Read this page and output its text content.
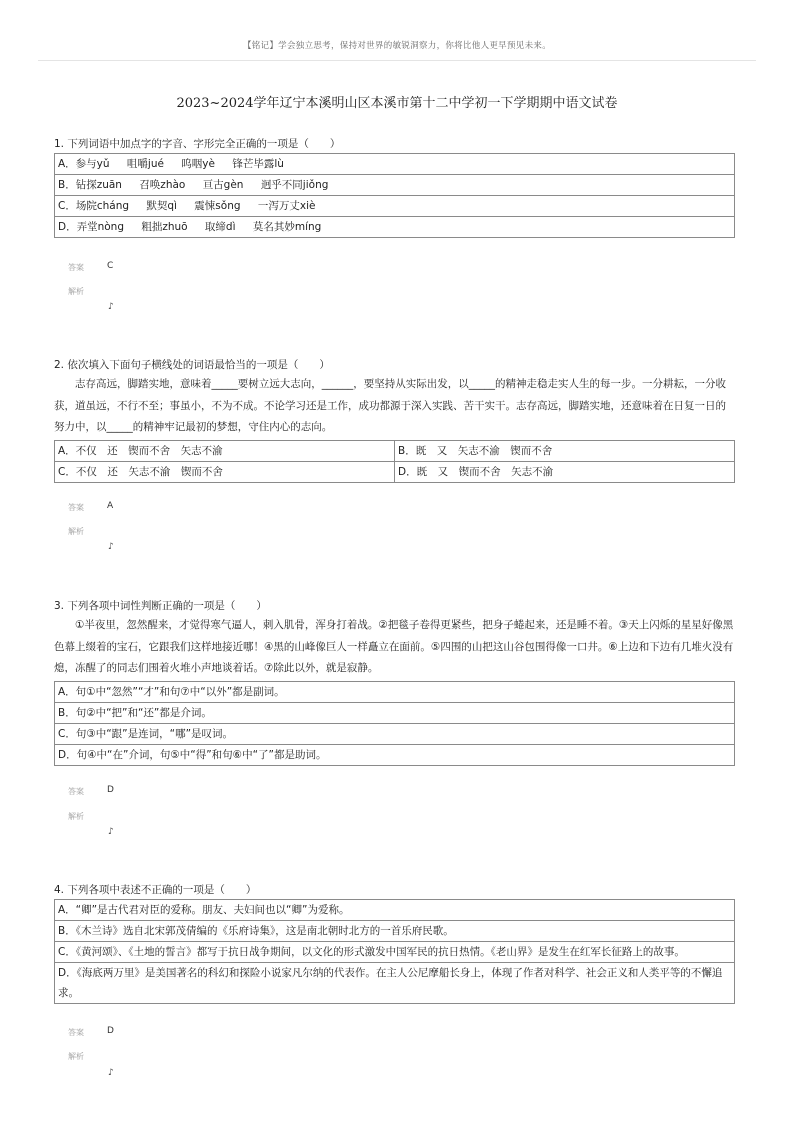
【铭记】学会独立思考，保持对世界的敏锐洞察力，你将比他人更早预见未来。
2023~2024学年辽宁本溪明山区本溪市第十二中学初一下学期期中语文试卷
1. 下列词语中加点字的字音、字形完全正确的一项是（　　）
A．参与yǔ 咀嚼jué 呜咽yè 锋芒毕露lù
B．钻探zuān 召唤zhào 亘古gèn 迥乎不同jiǒng
C．场院cháng 默契qì 震悚sǒng 一泻万丈xiè
D．弄堂nòng 粗拙zhuō 取缔dì 莫名其妙míng
答案	C
解析
♪
2. 依次填入下面句子横线处的词语最恰当的一项是（　　）

志存高远，脚踏实地，意味着_____要树立远大志向，______，要坚持从实际出发，以_____的精神走稳走实人生的每一步。一分耕耘，一分收获，道虽远，不行不至；事虽小，不为不成。不论学习还是工作，成功都源于深入实践、苦干实干。志存高远，脚踏实地，还意味着在日复一日的努力中，以_____的精神牢记最初的梦想，守住内心的志向。

A．不仅　还　锲而不舍　矢志不渝	B．既　又　矢志不渝　锲而不舍
C．不仅　还　矢志不渝　锲而不舍	D．既　又　锲而不舍　矢志不渝
答案	A
解析
♪
3. 下列各项中词性判断正确的一项是（　　）

①半夜里，忽然醒来，才觉得寒气逼人，刺入肌骨，浑身打着战。②把毯子卷得更紧些，把身子蜷起来，还是睡不着。③天上闪烁的星星好像黑色幕上缀着的宝石，它跟我们这样地接近哪！④黑的山峰像巨人一样矗立在面前。⑤四围的山把这山谷包围得像一口井。⑥上边和下边有几堆火没有熄，冻醒了的同志们围着火堆小声地谈着话。⑦除此以外，就是寂静。

A．句①中“忽然”“才”和句⑦中“以外”都是副词。
B．句②中“把”和“还”都是介词。
C．句③中“跟”是连词，“哪”是叹词。
D．句④中“在”介词，句⑤中“得”和句⑥中“了”都是助词。
答案	D
解析
♪
4. 下列各项中表述不正确的一项是（　　）
A．“卿”是古代君对臣的爱称。朋友、夫妇间也以“卿”为爱称。
B．《木兰诗》选自北宋郭茂倩编的《乐府诗集》，这是南北朝时北方的一首乐府民歌。
C．《黄河颂》、《土地的誓言》都写于抗日战争期间，以文化的形式激发中国军民的抗日热情。《老山界》是发生在红军长征路上的故事。
D．《海底两万里》是美国著名的科幻和探险小说家凡尔纳的代表作。在主人公尼摩船长身上，体现了作者对科学、社会正义和人类平等的不懈追求。
答案	D
解析
♪
